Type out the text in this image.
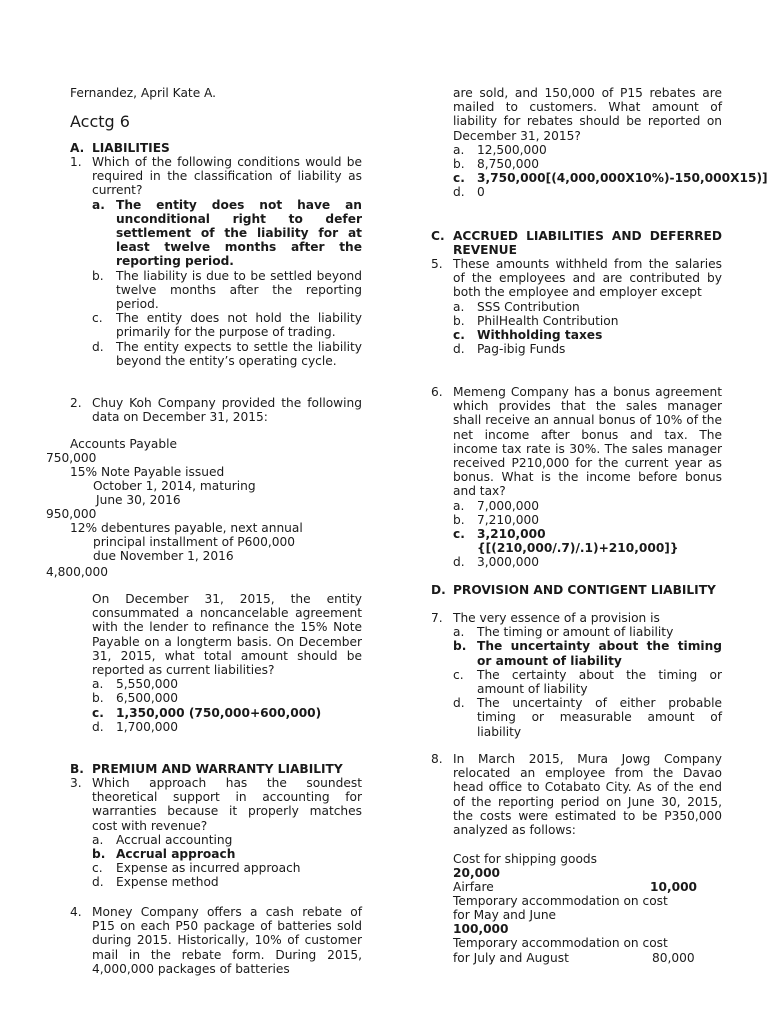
Fernandez, April Kate A.
Acctg 6
A. LIABILITIES
1. Which of the following conditions would be required in the classification of liability as current?
a. The entity does not have an unconditional right to defer settlement of the liability for at least twelve months after the reporting period.
b. The liability is due to be settled beyond twelve months after the reporting period.
c. The entity does not hold the liability primarily for the purpose of trading.
d. The entity expects to settle the liability beyond the entity’s operating cycle.
2. Chuy Koh Company provided the following data on December 31, 2015:
Accounts Payable
750,000
15% Note Payable issued
October 1, 2014, maturing
June 30, 2016
950,000
12% debentures payable, next annual
principal installment of P600,000
due November 1, 2016
4,800,000
On December 31, 2015, the entity consummated a noncancelable agreement with the lender to refinance the 15% Note Payable on a longterm basis. On December 31, 2015, what total amount should be reported as current liabilities?
a. 5,550,000
b. 6,500,000
c. 1,350,000 (750,000+600,000)
d. 1,700,000
B. PREMIUM AND WARRANTY LIABILITY
3. Which approach has the soundest theoretical support in accounting for warranties because it properly matches cost with revenue?
a. Accrual accounting
b. Accrual approach
c. Expense as incurred approach
d. Expense method
4. Money Company offers a cash rebate of P15 on each P50 package of batteries sold during 2015. Historically, 10% of customer mail in the rebate form. During 2015, 4,000,000 packages of batteries
are sold, and 150,000 of P15 rebates are mailed to customers. What amount of liability for rebates should be reported on December 31, 2015?
a. 12,500,000
b. 8,750,000
c. 3,750,000[(4,000,000X10%)-150,000X15)]
d. 0
C. ACCRUED LIABILITIES AND DEFERRED REVENUE
5. These amounts withheld from the salaries of the employees and are contributed by both the employee and employer except
a. SSS Contribution
b. PhilHealth Contribution
c. Withholding taxes
d. Pag-ibig Funds
6. Memeng Company has a bonus agreement which provides that the sales manager shall receive an annual bonus of 10% of the net income after bonus and tax. The income tax rate is 30%. The sales manager received P210,000 for the current year as bonus. What is the income before bonus and tax?
a. 7,000,000
b. 7,210,000
c. 3,210,000 {[(210,000/.7)/.1)+210,000]}
d. 3,000,000
D. PROVISION AND CONTIGENT LIABILITY
7. The very essence of a provision is
a. The timing or amount of liability
b. The uncertainty about the timing or amount of liability
c. The certainty about the timing or amount of liability
d. The uncertainty of either probable timing or measurable amount of liability
8. In March 2015, Mura Jowg Company relocated an employee from the Davao head office to Cotabato City. As of the end of the reporting period on June 30, 2015, the costs were estimated to be P350,000 analyzed as follows:
Cost for shipping goods
20,000
Airfare	10,000
Temporary accommodation on cost
for May and June
100,000
Temporary accommodation on cost
for July and August	80,000
